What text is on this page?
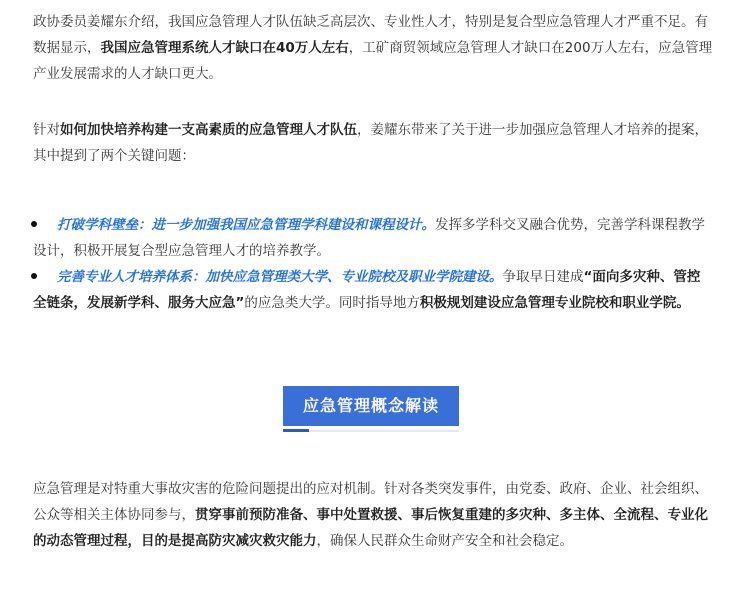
政协委员姜耀东介绍，我国应急管理人才队伍缺乏高层次、专业性人才，特别是复合型应急管理人才严重不足。有数据显示，我国应急管理系统人才缺口在40万人左右，工矿商贸领域应急管理人才缺口在200万人左右，应急管理产业发展需求的人才缺口更大。

针对如何加快培养构建一支高素质的应急管理人才队伍，姜耀东带来了关于进一步加强应急管理人才培养的提案，其中提到了两个关键问题：

打破学科壁垒：进一步加强我国应急管理学科建设和课程设计。发挥多学科交叉融合优势，完善学科课程教学设计，积极开展复合型应急管理人才的培养教学。
完善专业人才培养体系：加快应急管理类大学、专业院校及职业学院建设。争取早日建成“面向多灾种、管控全链条，发展新学科、服务大应急”的应急类大学。同时指导地方积极规划建设应急管理专业院校和职业学院。
应急管理概念解读

应急管理是对特重大事故灾害的危险问题提出的应对机制。针对各类突发事件，由党委、政府、企业、社会组织、公众等相关主体协同参与，贯穿事前预防准备、事中处置救援、事后恢复重建的多灾种、多主体、全流程、专业化的动态管理过程，目的是提高防灾减灾救灾能力，确保人民群众生命财产安全和社会稳定。
